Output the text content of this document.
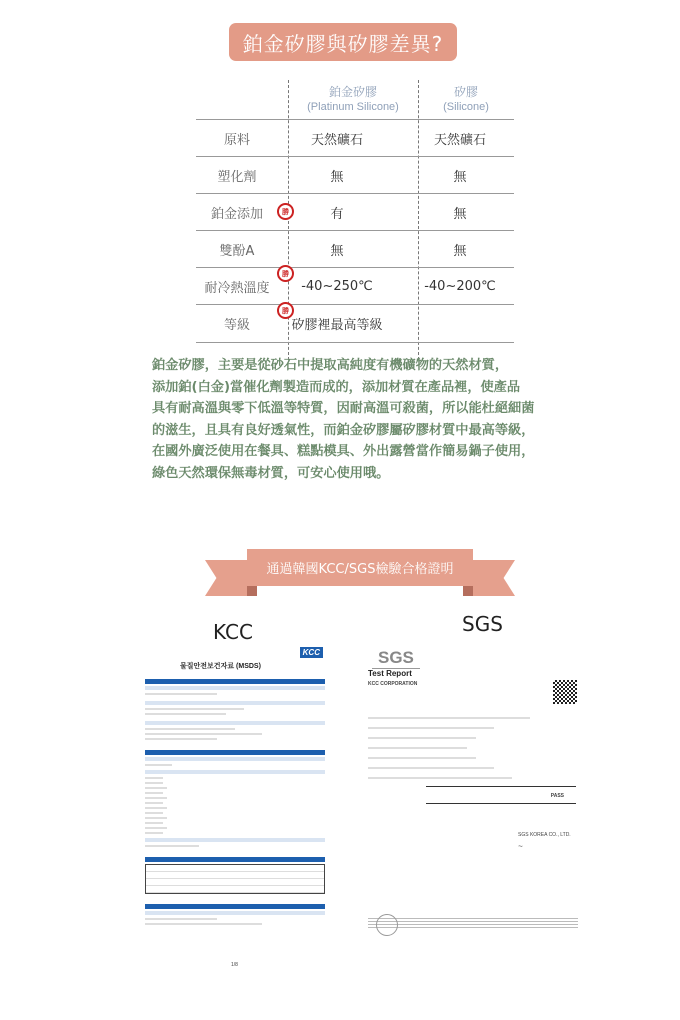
鉑金矽膠與矽膠差異?
鉑金矽膠
(Platinum Silicone)
矽膠
(Silicone)
原料	天然礦石	天然礦石
塑化劑	無	無
鉑金添加	有	無
雙酚A	無	無
耐冷熱溫度	-40~250℃	-40~200℃
等級	矽膠裡最高等級
勝
勝
勝
鉑金矽膠，主要是從砂石中提取高純度有機礦物的天然材質，
添加鉑(白金)當催化劑製造而成的，添加材質在產品裡，使產品
具有耐高溫與零下低溫等特質，因耐高溫可殺菌，所以能杜絕細菌
的滋生，且具有良好透氣性，而鉑金矽膠屬矽膠材質中最高等級，
在國外廣泛使用在餐具、糕點模具、外出露營當作簡易鍋子使用，
綠色天然環保無毒材質，可安心使用哦。
通過韓國KCC/SGS檢驗合格證明
KCC	SGS
KCC
물질안전보건자료 (MSDS)
1/8
SGS
Test Report
KCC CORPORATION
PASS
SGS KOREA CO., LTD.
~
